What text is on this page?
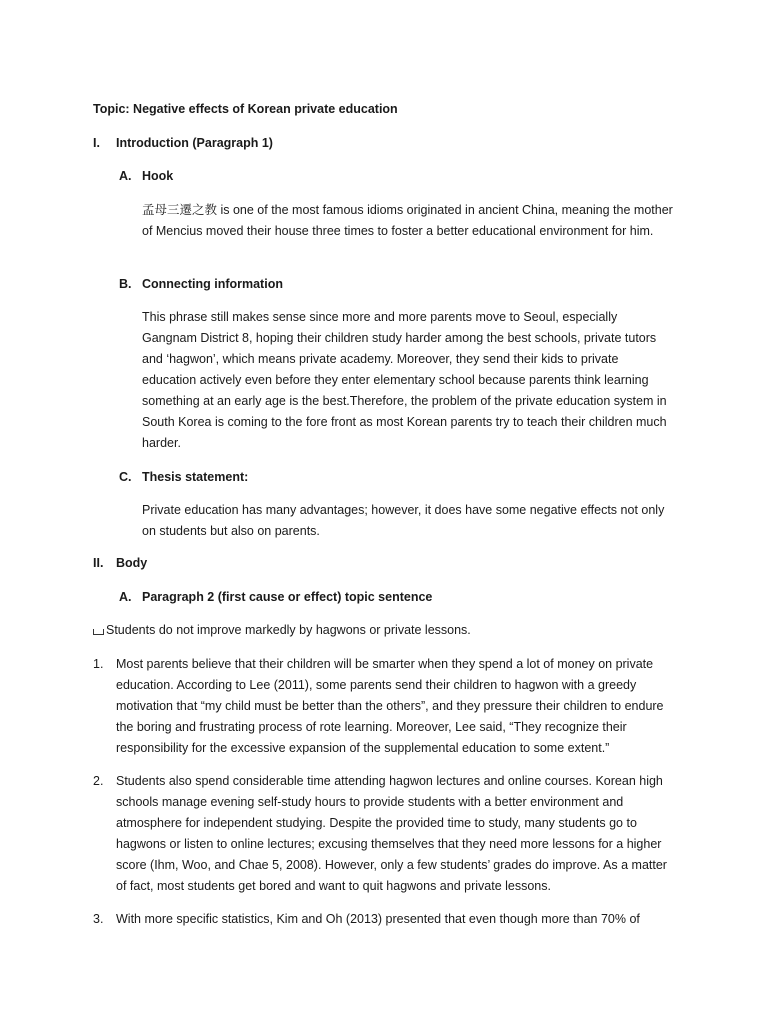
Topic: Negative effects of Korean private education

I. Introduction (Paragraph 1)

A. Hook

孟母三遷之教 is one of the most famous idioms originated in ancient China, meaning the mother of Mencius moved their house three times to foster a better educational environment for him.

B. Connecting information

This phrase still makes sense since more and more parents move to Seoul, especially Gangnam District 8, hoping their children study harder among the best schools, private tutors and ‘hagwon’, which means private academy. Moreover, they send their kids to private education actively even before they enter elementary school because parents think learning something at an early age is the best.Therefore, the problem of the private education system in South Korea is coming to the fore front as most Korean parents try to teach their children much harder.

C. Thesis statement:

Private education has many advantages; however, it does have some negative effects not only on students but also on parents.

II. Body

A. Paragraph 2 (first cause or effect) topic sentence

Students do not improve markedly by hagwons or private lessons.

1. Most parents believe that their children will be smarter when they spend a lot of money on private education. According to Lee (2011), some parents send their children to hagwon with a greedy motivation that “my child must be better than the others”, and they pressure their children to endure the boring and frustrating process of rote learning. Moreover, Lee said, “They recognize their responsibility for the excessive expansion of the supplemental education to some extent.”

2. Students also spend considerable time attending hagwon lectures and online courses. Korean high schools manage evening self-study hours to provide students with a better environment and atmosphere for independent studying. Despite the provided time to study, many students go to hagwons or listen to online lectures; excusing themselves that they need more lessons for a higher score (Ihm, Woo, and Chae 5, 2008). However, only a few students’ grades do improve. As a matter of fact, most students get bored and want to quit hagwons and private lessons.

3. With more specific statistics, Kim and Oh (2013) presented that even though more than 70% of
